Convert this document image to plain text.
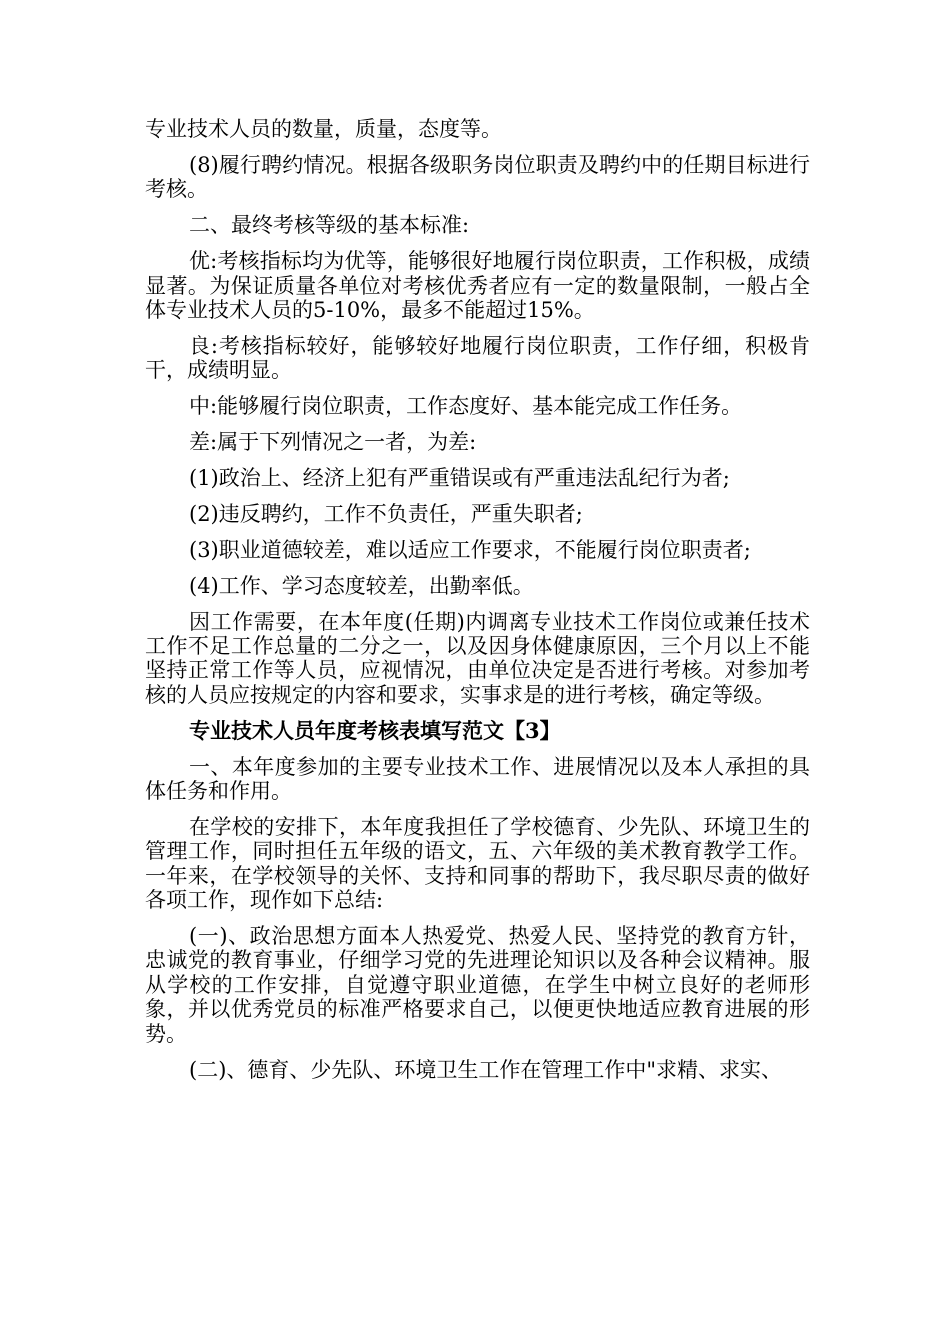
专业技术人员的数量，质量，态度等。

(8)履行聘约情况。根据各级职务岗位职责及聘约中的任期目标进行考核。

二、最终考核等级的基本标准:

优:考核指标均为优等，能够很好地履行岗位职责，工作积极，成绩显著。为保证质量各单位对考核优秀者应有一定的数量限制，一般占全体专业技术人员的5-10%，最多不能超过15%。

良:考核指标较好，能够较好地履行岗位职责，工作仔细，积极肯干，成绩明显。

中:能够履行岗位职责，工作态度好、基本能完成工作任务。

差:属于下列情况之一者，为差:

(1)政治上、经济上犯有严重错误或有严重违法乱纪行为者;

(2)违反聘约，工作不负责任，严重失职者;

(3)职业道德较差，难以适应工作要求，不能履行岗位职责者;

(4)工作、学习态度较差，出勤率低。

因工作需要，在本年度(任期)内调离专业技术工作岗位或兼任技术工作不足工作总量的二分之一，以及因身体健康原因，三个月以上不能坚持正常工作等人员，应视情况，由单位决定是否进行考核。对参加考核的人员应按规定的内容和要求，实事求是的进行考核，确定等级。

专业技术人员年度考核表填写范文【3】

一、本年度参加的主要专业技术工作、进展情况以及本人承担的具体任务和作用。

在学校的安排下，本年度我担任了学校德育、少先队、环境卫生的管理工作，同时担任五年级的语文，五、六年级的美术教育教学工作。一年来，在学校领导的关怀、支持和同事的帮助下，我尽职尽责的做好各项工作，现作如下总结:

(一)、政治思想方面本人热爱党、热爱人民、坚持党的教育方针，忠诚党的教育事业，仔细学习党的先进理论知识以及各种会议精神。服从学校的工作安排，自觉遵守职业道德，在学生中树立良好的老师形象，并以优秀党员的标准严格要求自己，以便更快地适应教育进展的形势。

(二)、德育、少先队、环境卫生工作在管理工作中"求精、求实、
